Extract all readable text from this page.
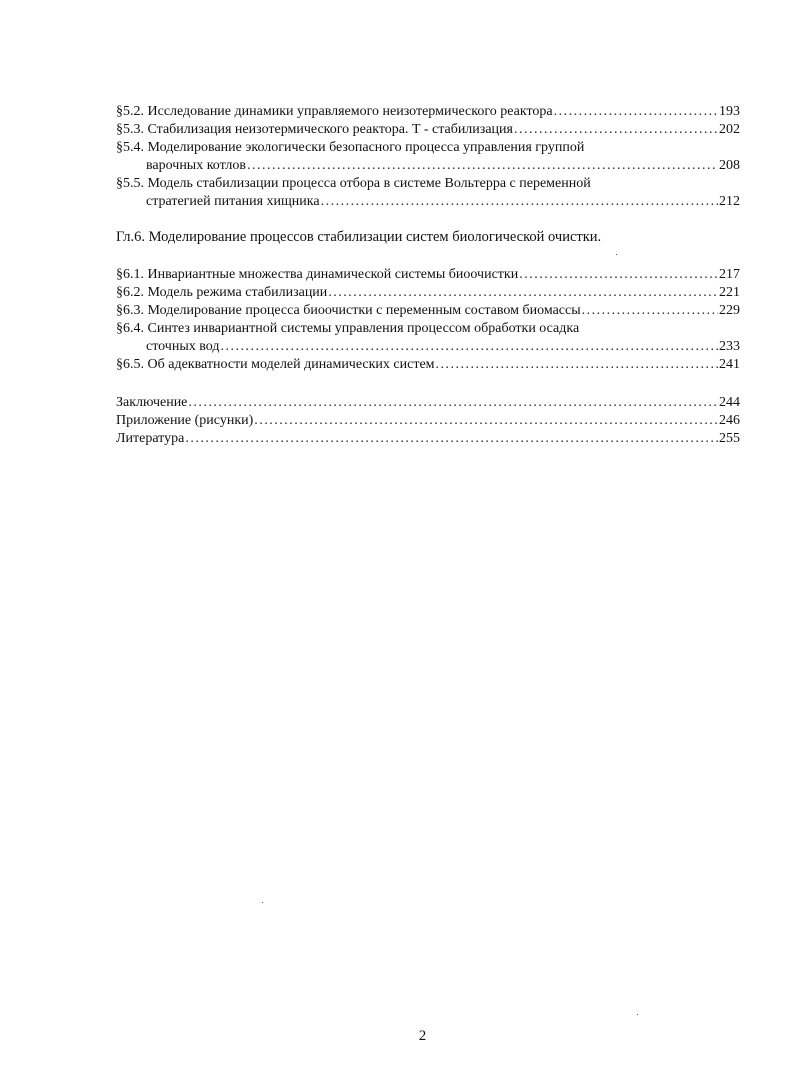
§5.2. Исследование динамики управляемого неизотермического реактора .....	193
§5.3. Стабилизация неизотермического реактора. T - стабилизация .....	202
§5.4. Моделирование экологически безопасного процесса управления группой
варочных котлов .....	208
§5.5. Модель стабилизации процесса отбора в системе Вольтерра с переменной
стратегией питания хищника .....	212
Гл.6. Моделирование процессов стабилизации систем биологической очистки.
§6.1. Инвариантные множества динамической системы биоочистки .....	217
§6.2. Модель режима стабилизации .....	221
§6.3. Моделирование процесса биоочистки с переменным составом биомассы .....	229
§6.4. Синтез инвариантной системы управления процессом обработки осадка
сточных вод .....	233
§6.5. Об адекватности моделей динамических систем .....	241
Заключение .....	244
Приложение (рисунки) .....	246
Литература .....	255
2
